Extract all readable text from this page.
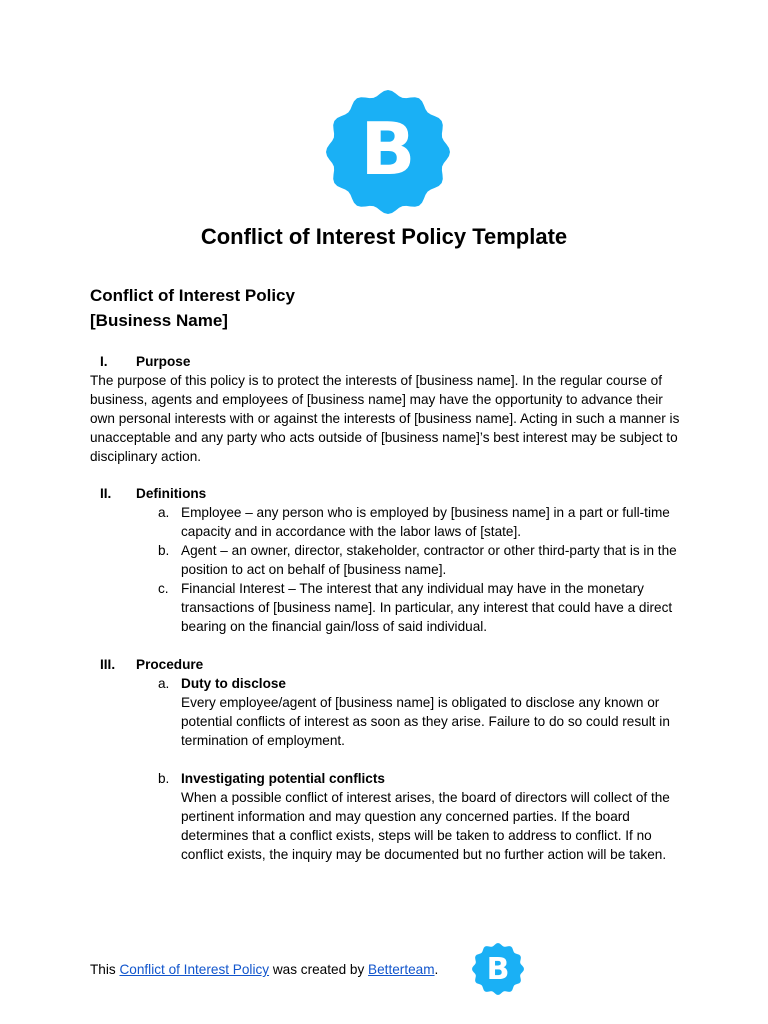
B
Conflict of Interest Policy Template
Conflict of Interest Policy
[Business Name]
I.	Purpose

The purpose of this policy is to protect the interests of [business name]. In the regular course of business, agents and employees of [business name] may have the opportunity to advance their own personal interests with or against the interests of [business name]. Acting in such a manner is unacceptable and any party who acts outside of [business name]’s best interest may be subject to disciplinary action.

II.	Definitions
a. Employee – any person who is employed by [business name] in a part or full-time capacity and in accordance with the labor laws of [state].
b. Agent – an owner, director, stakeholder, contractor or other third-party that is in the position to act on behalf of [business name].
c. Financial Interest – The interest that any individual may have in the monetary transactions of [business name]. In particular, any interest that could have a direct bearing on the financial gain/loss of said individual.
III.	Procedure
a. Duty to disclose
Every employee/agent of [business name] is obligated to disclose any known or potential conflicts of interest as soon as they arise. Failure to do so could result in termination of employment.
b. Investigating potential conflicts
When a possible conflict of interest arises, the board of directors will collect of the pertinent information and may question any concerned parties. If the board determines that a conflict exists, steps will be taken to address to conflict. If no conflict exists, the inquiry may be documented but no further action will be taken.
This Conflict of Interest Policy was created by Betterteam. B
